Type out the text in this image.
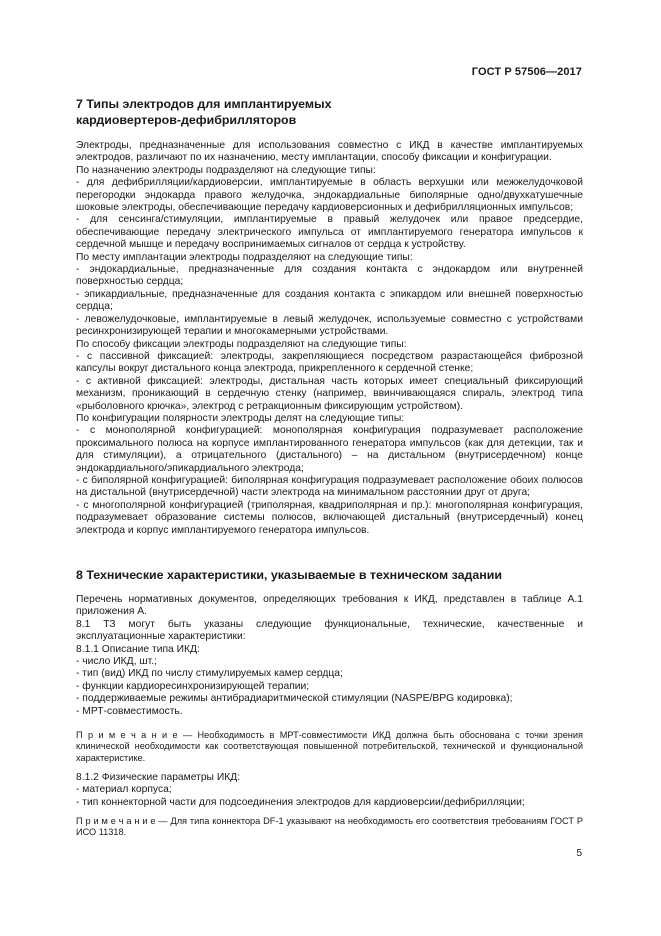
ГОСТ Р 57506—2017
7 Типы электродов для имплантируемых
кардиовертеров-дефибрилляторов

Электроды, предназначенные для использования совместно с ИКД в качестве имплантируемых электродов, различают по их назначению, месту имплантации, способу фиксации и конфигурации.

По назначению электроды подразделяют на следующие типы:

- для дефибрилляции/кардиоверсии, имплантируемые в область верхушки или межжелудочковой перегородки эндокарда правого желудочка, эндокардиальные биполярные одно/двухкатушечные шоковые электроды, обеспечивающие передачу кардиоверсионных и дефибрилляционных импульсов;

- для сенсинга/стимуляции, имплантируемые в правый желудочек или правое предсердие, обеспечивающие передачу электрического импульса от имплантируемого генератора импульсов к сердечной мышце и передачу воспринимаемых сигналов от сердца к устройству.

По месту имплантации электроды подразделяют на следующие типы:

- эндокардиальные, предназначенные для создания контакта с эндокардом или внутренней поверхностью сердца;

- эпикардиальные, предназначенные для создания контакта с эпикардом или внешней поверхностью сердца;

- левожелудочковые, имплантируемые в левый желудочек, используемые совместно с устройствами ресинхронизирующей терапии и многокамерными устройствами.

По способу фиксации электроды подразделяют на следующие типы:

- с пассивной фиксацией: электроды, закрепляющиеся посредством разрастающейся фиброзной капсулы вокруг дистального конца электрода, прикрепленного к сердечной стенке;

- с активной фиксацией: электроды, дистальная часть которых имеет специальный фиксирующий механизм, проникающий в сердечную стенку (например, ввинчивающаяся спираль, электрод типа «рыболовного крючка», электрод с ретракционным фиксирующим устройством).

По конфигурации полярности электроды делят на следующие типы:

- с монополярной конфигурацией: монополярная конфигурация подразумевает расположение проксимального полюса на корпусе имплантированного генератора импульсов (как для детекции, так и для стимуляции), а отрицательного (дистального) – на дистальном (внутрисердечном) конце эндокардиального/эпикардиального электрода;

- с биполярной конфигурацией: биполярная конфигурация подразумевает расположение обоих полюсов на дистальной (внутрисердечной) части электрода на минимальном расстоянии друг от друга;

- с многополярной конфигурацией (триполярная, квадриполярная и пр.): многополярная конфигурация, подразумевает образование системы полюсов, включающей дистальный (внутрисердечный) конец электрода и корпус имплантируемого генератора импульсов.

8 Технические характеристики, указываемые в техническом задании

Перечень нормативных документов, определяющих требования к ИКД, представлен в таблице А.1 приложения А.

8.1 ТЗ могут быть указаны следующие функциональные, технические, качественные и эксплуатационные характеристики:

8.1.1 Описание типа ИКД:

- число ИКД, шт.;

- тип (вид) ИКД по числу стимулируемых камер сердца;

- функции кардиоресинхронизирующей терапии;

- поддерживаемые режимы антибрадиаритмической стимуляции (NASPE/BPG кодировка);

- МРТ-совместимость.

П р и м е ч а н и е — Необходимость в МРТ-совместимости ИКД должна быть обоснована с точки зрения клинической необходимости как соответствующая повышенной потребительской, технической и функциональной характеристике.

8.1.2 Физические параметры ИКД:

- материал корпуса;

- тип коннекторной части для подсоединения электродов для кардиоверсии/дефибрилляции;

П р и м е ч а н и е — Для типа коннектора DF-1 указывают на необходимость его соответствия требованиям ГОСТ Р ИСО 11318.

5
